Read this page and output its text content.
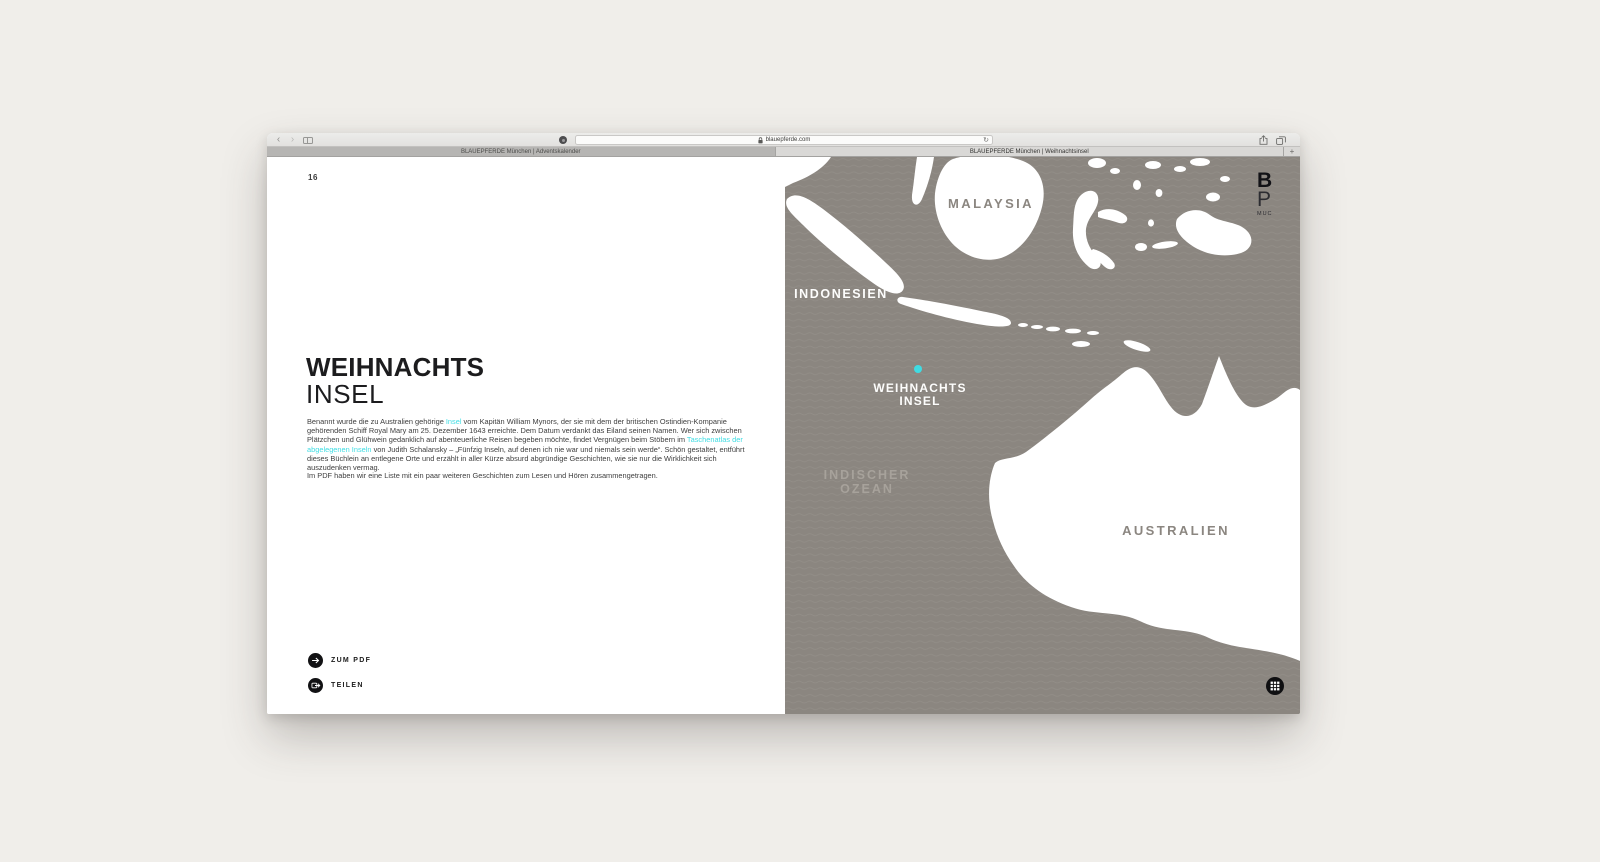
‹	›	blauepferde.com	↻
BLAUEPFERDE München | Adventskalender	BLAUEPFERDE München | Weihnachtsinsel	+
16
WEIHNACHTS
INSEL

Benannt wurde die zu Australien gehörige Insel vom Kapitän William Mynors, der sie mit dem der britischen Ostindien-Kompanie gehörenden Schiff Royal Mary am 25. Dezember 1643 erreichte. Dem Datum verdankt das Eiland seinen Namen. Wer sich zwischen Plätzchen und Glühwein gedanklich auf abenteuerliche Reisen begeben möchte, findet Vergnügen beim Stöbern im Taschenatlas der abgelegenen Inseln von Judith Schalansky – „Fünfzig Inseln, auf denen ich nie war und niemals sein werde“. Schön gestaltet, entführt dieses Büchlein an entlegene Orte und erzählt in aller Kürze absurd abgründige Geschichten, wie sie nur die Wirklichkeit sich auszudenken vermag.

Im PDF haben wir eine Liste mit ein paar weiteren Geschichten zum Lesen und Hören zusammengetragen.

ZUM PDF
TEILEN
MALAYSIA
INDONESIEN
WEIHNACHTS
INSEL
INDISCHER
OZEAN
AUSTRALIEN
B
P
MUC
